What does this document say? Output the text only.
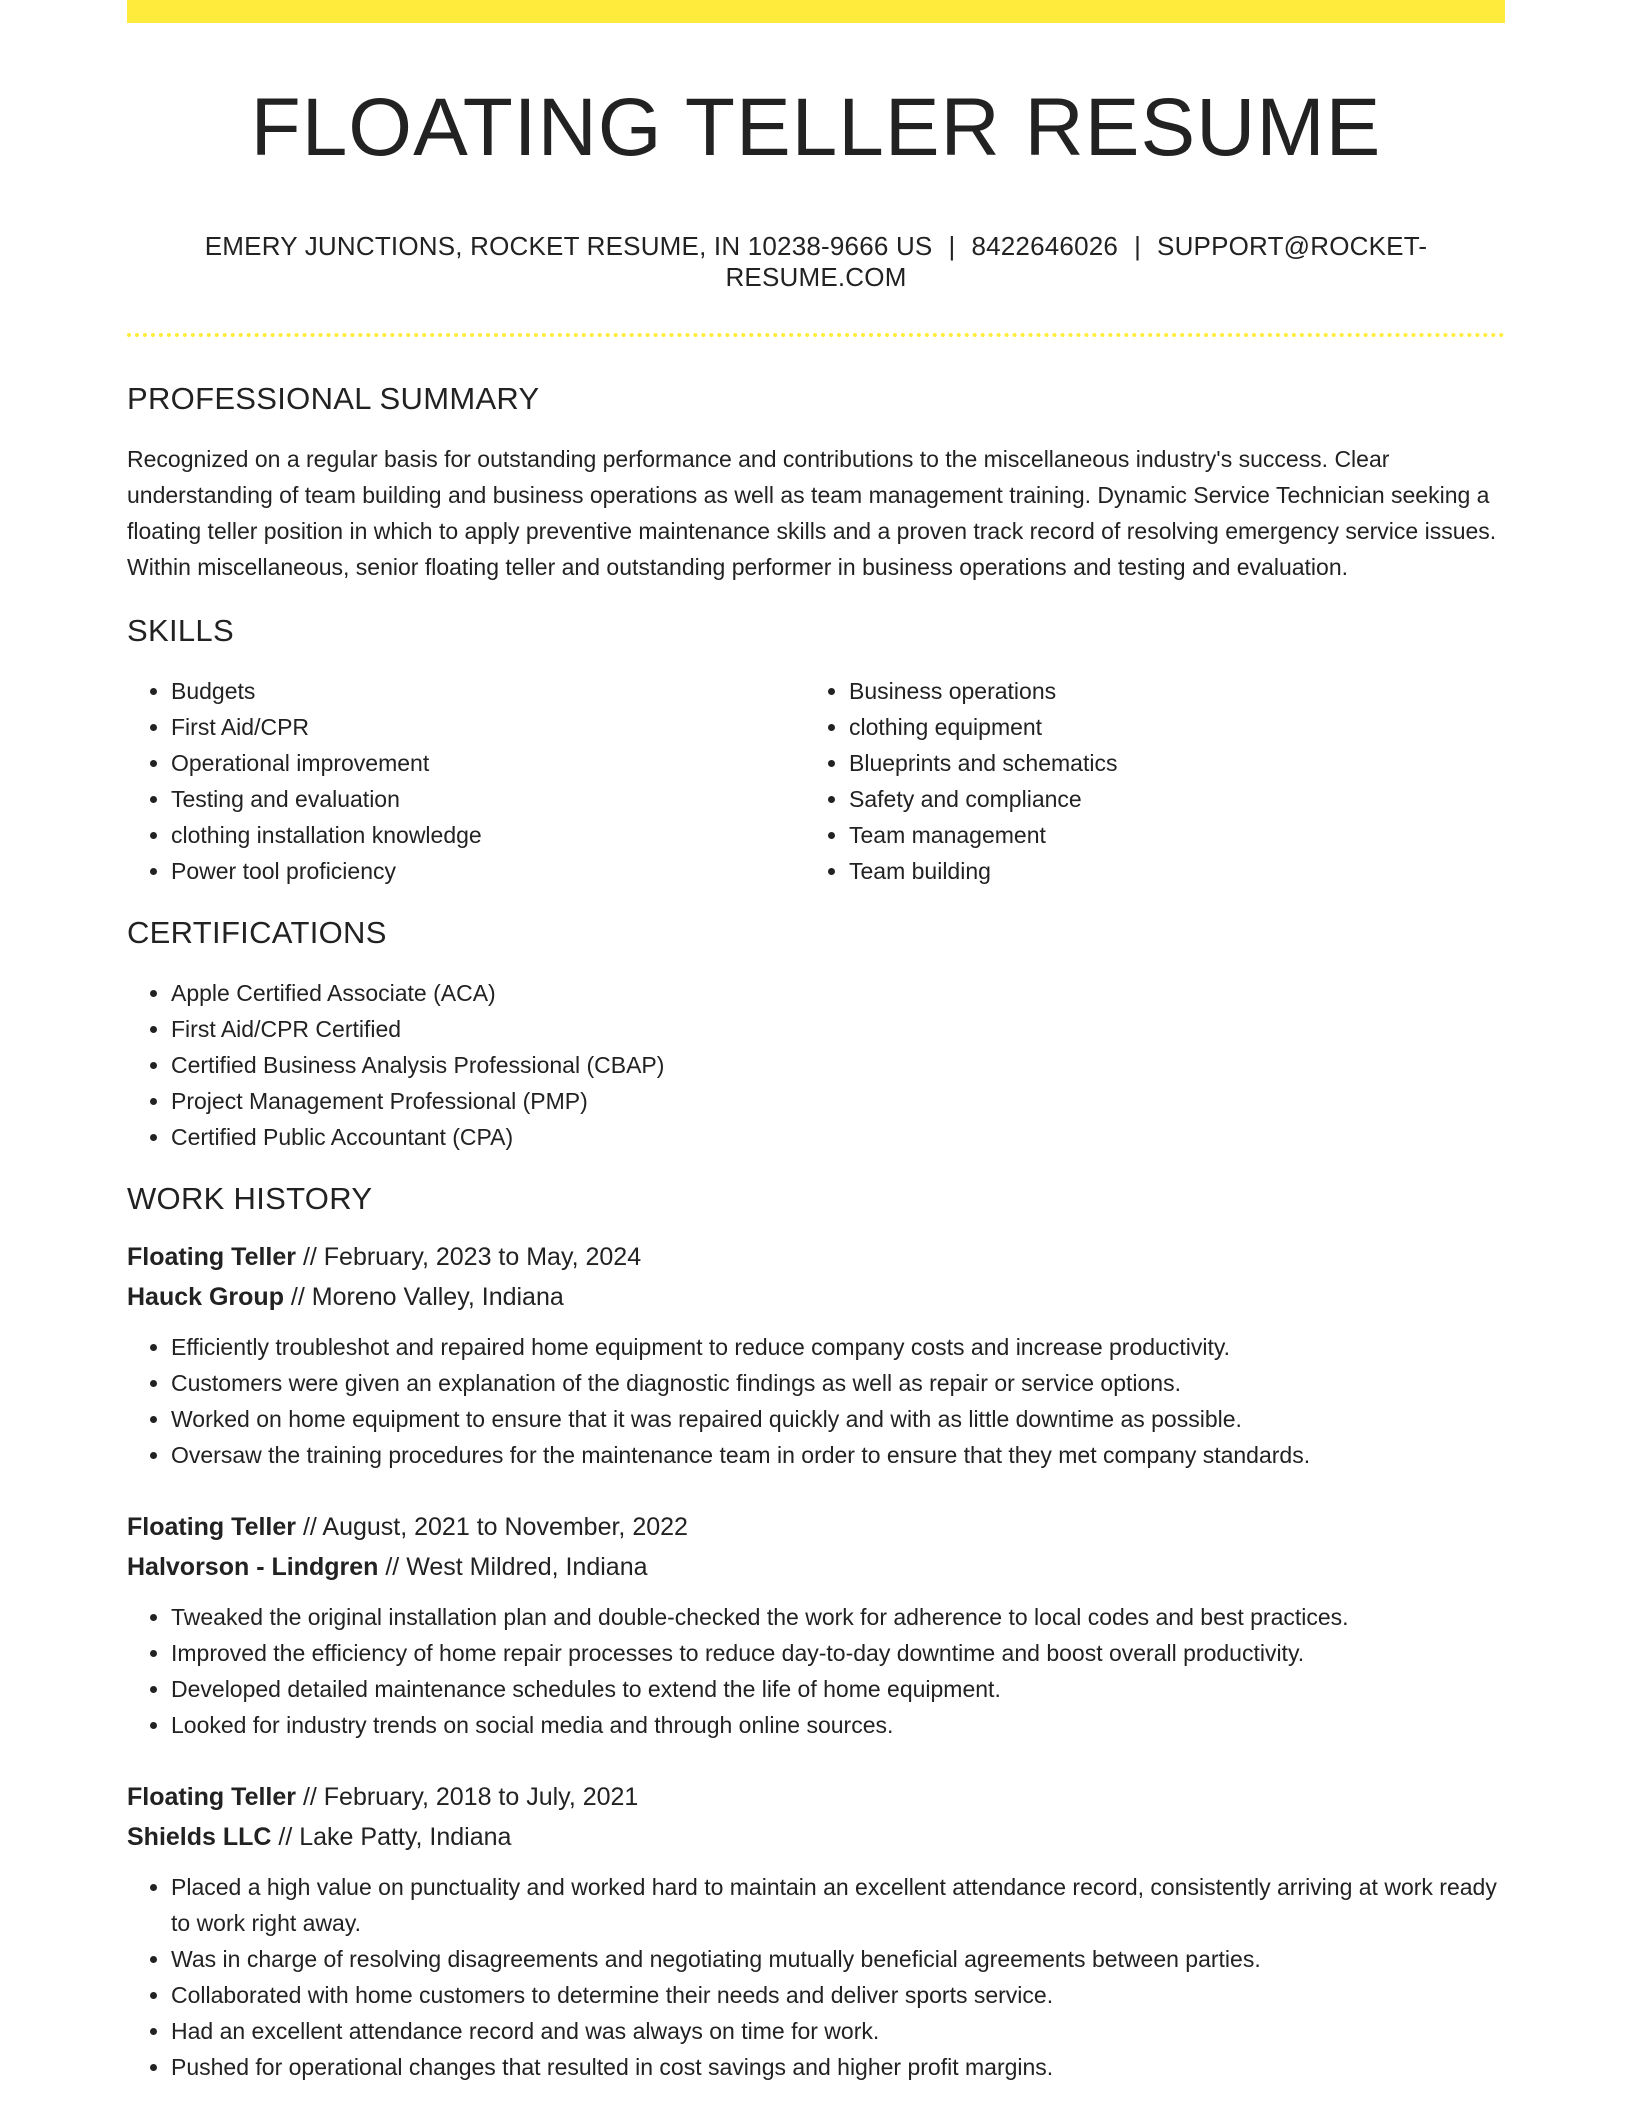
FLOATING TELLER RESUME
EMERY JUNCTIONS, ROCKET RESUME, IN 10238-9666 US | 8422646026 | SUPPORT@ROCKET-RESUME.COM
PROFESSIONAL SUMMARY

Recognized on a regular basis for outstanding performance and contributions to the miscellaneous industry's success. Clear understanding of team building and business operations as well as team management training. Dynamic Service Technician seeking a floating teller position in which to apply preventive maintenance skills and a proven track record of resolving emergency service issues. Within miscellaneous, senior floating teller and outstanding performer in business operations and testing and evaluation.

SKILLS
• Budgets
• First Aid/CPR
• Operational improvement
• Testing and evaluation
• clothing installation knowledge
• Power tool proficiency
• Business operations
• clothing equipment
• Blueprints and schematics
• Safety and compliance
• Team management
• Team building
CERTIFICATIONS
• Apple Certified Associate (ACA)
• First Aid/CPR Certified
• Certified Business Analysis Professional (CBAP)
• Project Management Professional (PMP)
• Certified Public Accountant (CPA)
WORK HISTORY
Floating Teller // February, 2023 to May, 2024
Hauck Group // Moreno Valley, Indiana
• Efficiently troubleshot and repaired home equipment to reduce company costs and increase productivity.
• Customers were given an explanation of the diagnostic findings as well as repair or service options.
• Worked on home equipment to ensure that it was repaired quickly and with as little downtime as possible.
• Oversaw the training procedures for the maintenance team in order to ensure that they met company standards.
Floating Teller // August, 2021 to November, 2022
Halvorson - Lindgren // West Mildred, Indiana
• Tweaked the original installation plan and double-checked the work for adherence to local codes and best practices.
• Improved the efficiency of home repair processes to reduce day-to-day downtime and boost overall productivity.
• Developed detailed maintenance schedules to extend the life of home equipment.
• Looked for industry trends on social media and through online sources.
Floating Teller // February, 2018 to July, 2021
Shields LLC // Lake Patty, Indiana
• Placed a high value on punctuality and worked hard to maintain an excellent attendance record, consistently arriving at work ready to work right away.
• Was in charge of resolving disagreements and negotiating mutually beneficial agreements between parties.
• Collaborated with home customers to determine their needs and deliver sports service.
• Had an excellent attendance record and was always on time for work.
• Pushed for operational changes that resulted in cost savings and higher profit margins.
